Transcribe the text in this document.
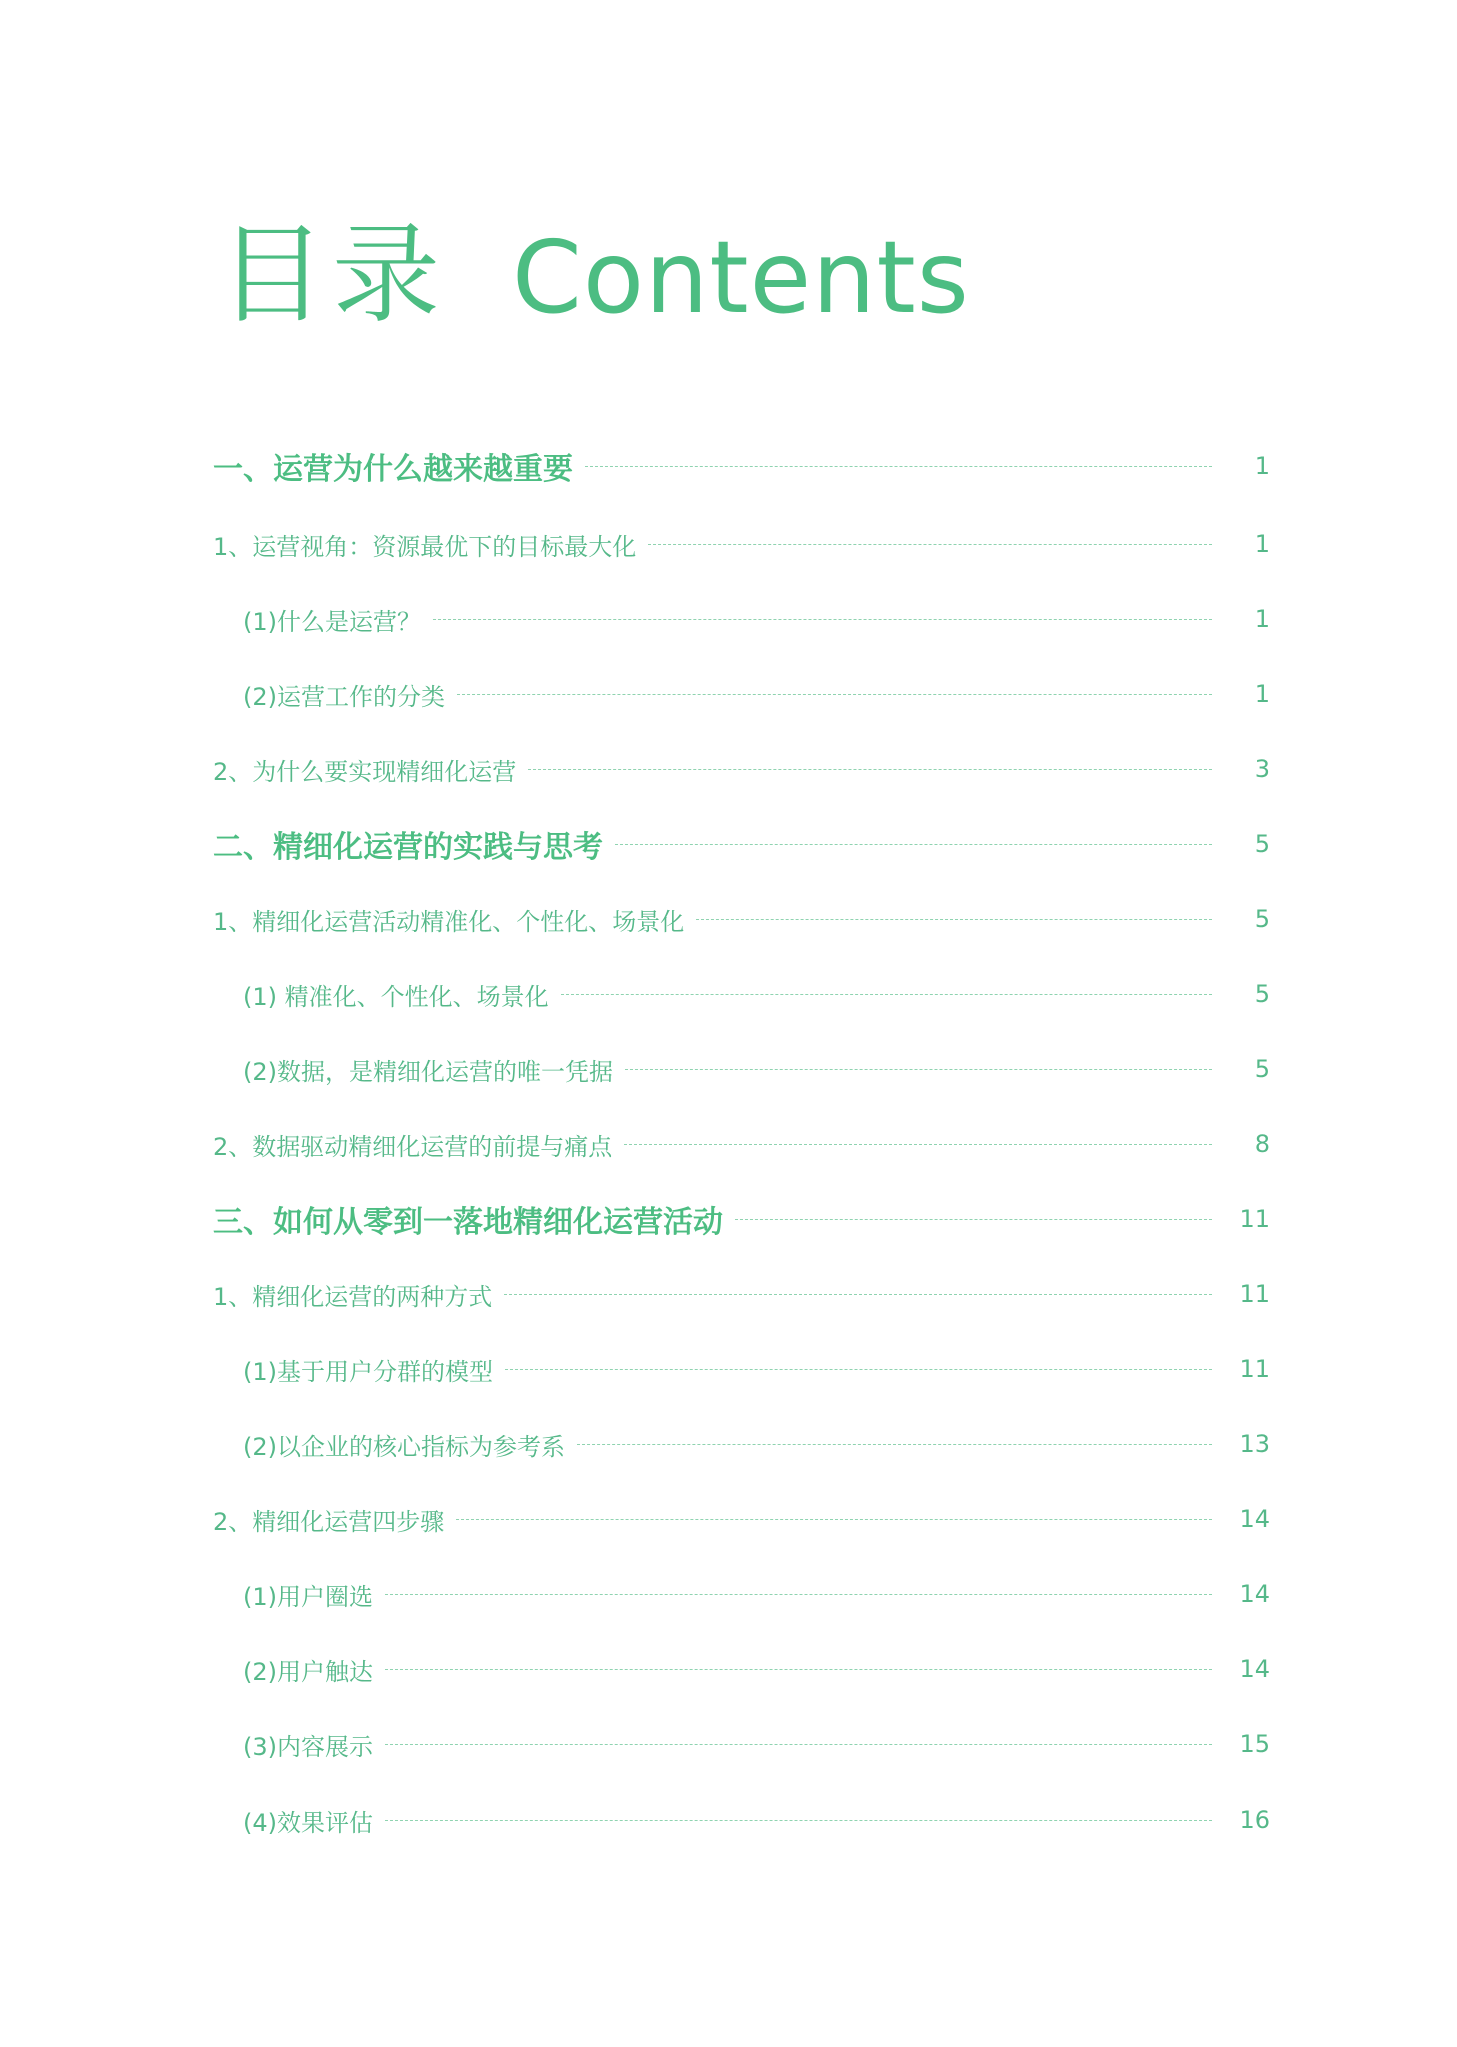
目录 Contents
一、运营为什么越来越重要	1
1、运营视角：资源最优下的目标最大化	1
(1)什么是运营？	1
(2)运营工作的分类	1
2、为什么要实现精细化运营	3
二、精细化运营的实践与思考	5
1、精细化运营活动精准化、个性化、场景化	5
(1) 精准化、个性化、场景化	5
(2)数据，是精细化运营的唯一凭据	5
2、数据驱动精细化运营的前提与痛点	8
三、如何从零到一落地精细化运营活动	11
1、精细化运营的两种方式	11
(1)基于用户分群的模型	11
(2)以企业的核心指标为参考系	13
2、精细化运营四步骤	14
(1)用户圈选	14
(2)用户触达	14
(3)内容展示	15
(4)效果评估	16
